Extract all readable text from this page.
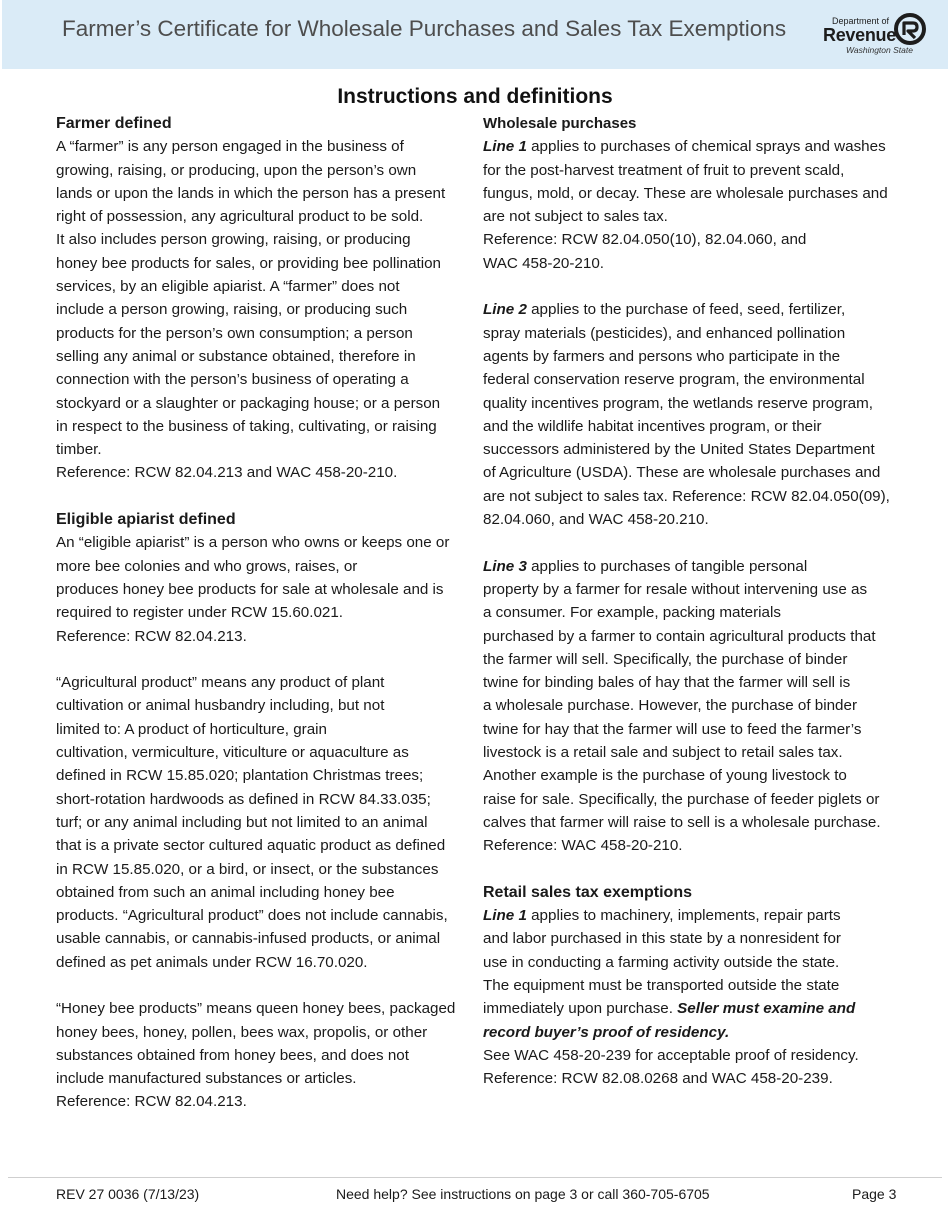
Farmer’s Certificate for Wholesale Purchases and Sales Tax Exemptions	Department of
Revenue
Washington State
Instructions and definitions
Farmer defined

A “farmer” is any person engaged in the business of

growing, raising, or producing, upon the person’s own

lands or upon the lands in which the person has a present

right of possession, any agricultural product to be sold.

It also includes person growing, raising, or producing

honey bee products for sales, or providing bee pollination

services, by an eligible apiarist. A “farmer” does not

include a person growing, raising, or producing such

products for the person’s own consumption; a person

selling any animal or substance obtained, therefore in

connection with the person’s business of operating a

stockyard or a slaughter or packaging house; or a person

in respect to the business of taking, cultivating, or raising

timber.

Reference: RCW 82.04.213 and WAC 458-20-210.

Eligible apiarist defined

An “eligible apiarist” is a person who owns or keeps one or

more bee colonies and who grows, raises, or

produces honey bee products for sale at wholesale and is

required to register under RCW 15.60.021.

Reference: RCW 82.04.213.

“Agricultural product” means any product of plant

cultivation or animal husbandry including, but not

limited to: A product of horticulture, grain

cultivation, vermiculture, viticulture or aquaculture as

defined in RCW 15.85.020; plantation Christmas trees;

short-rotation hardwoods as defined in RCW 84.33.035;

turf; or any animal including but not limited to an animal

that is a private sector cultured aquatic product as defined

in RCW 15.85.020, or a bird, or insect, or the substances

obtained from such an animal including honey bee

products. “Agricultural product” does not include cannabis,

usable cannabis, or cannabis-infused products, or animal

defined as pet animals under RCW 16.70.020.

“Honey bee products” means queen honey bees, packaged

honey bees, honey, pollen, bees wax, propolis, or other

substances obtained from honey bees, and does not

include manufactured substances or articles.

Reference: RCW 82.04.213.

Wholesale purchases

Line 1 applies to purchases of chemical sprays and washes

for the post-harvest treatment of fruit to prevent scald,

fungus, mold, or decay. These are wholesale purchases and

are not subject to sales tax.

Reference: RCW 82.04.050(10), 82.04.060, and

WAC 458-20-210.

Line 2 applies to the purchase of feed, seed, fertilizer,

spray materials (pesticides), and enhanced pollination

agents by farmers and persons who participate in the

federal conservation reserve program, the environmental

quality incentives program, the wetlands reserve program,

and the wildlife habitat incentives program, or their

successors administered by the United States Department

of Agriculture (USDA). These are wholesale purchases and

are not subject to sales tax. Reference: RCW 82.04.050(09),

82.04.060, and WAC 458-20.210.

Line 3 applies to purchases of tangible personal

property by a farmer for resale without intervening use as

a consumer. For example, packing materials

purchased by a farmer to contain agricultural products that

the farmer will sell. Specifically, the purchase of binder

twine for binding bales of hay that the farmer will sell is

a wholesale purchase. However, the purchase of binder

twine for hay that the farmer will use to feed the farmer’s

livestock is a retail sale and subject to retail sales tax.

Another example is the purchase of young livestock to

raise for sale. Specifically, the purchase of feeder piglets or

calves that farmer will raise to sell is a wholesale purchase.

Reference: WAC 458-20-210.

Retail sales tax exemptions

Line 1 applies to machinery, implements, repair parts

and labor purchased in this state by a nonresident for

use in conducting a farming activity outside the state.

The equipment must be transported outside the state

immediately upon purchase. Seller must examine and

record buyer’s proof of residency.

See WAC 458-20-239 for acceptable proof of residency.

Reference: RCW 82.08.0268 and WAC 458-20-239.

REV 27 0036 (7/13/23)	Need help? See instructions on page 3 or call 360-705-6705	Page 3
